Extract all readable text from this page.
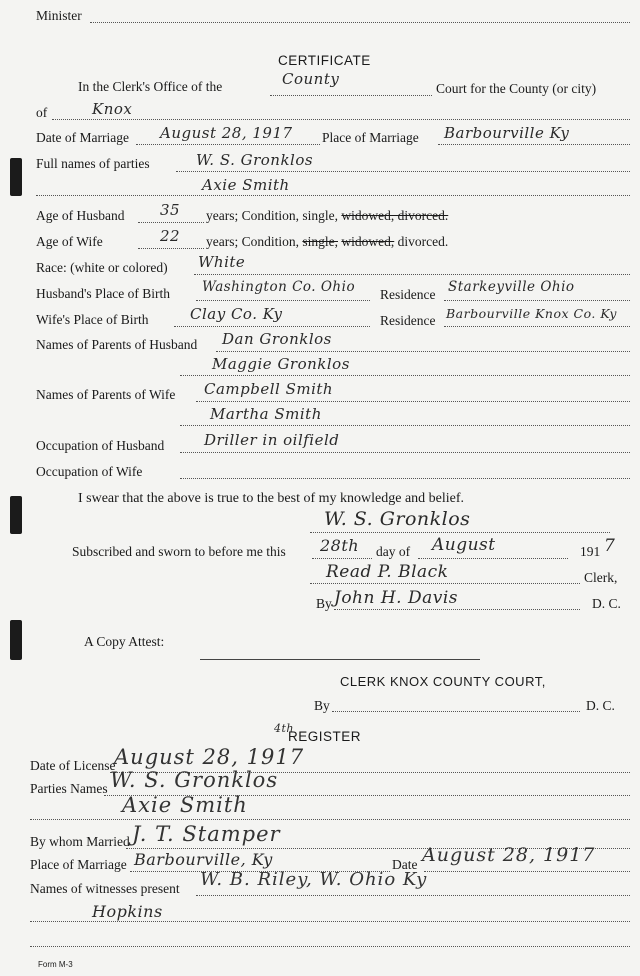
Minister
CERTIFICATE
In the Clerk's Office of the	County
Court for the County (or city)
of	Knox
Date of Marriage August 28, 1917 Place of Marriage Barbourville Ky
Full names of parties	W. S. Gronklos
Axie Smith
Age of Husband 35 years; Condition, single, widowed, divorced.
Age of Wife	22 years; Condition, single, widowed, divorced.
Race: (white or colored) White
Husband's Place of Birth Washington Co. Ohio Residence Starkeyville Ohio
Wife's Place of Birth	Clay Co. Ky	Residence Barbourville Knox Co. Ky
Names of Parents of Husband Dan Gronklos
Maggie Gronklos
Names of Parents of Wife Campbell Smith
Martha Smith
Occupation of Husband	Driller in oilfield
Occupation of Wife
I swear that the above is true to the best of my knowledge and belief.
W. S. Gronklos
Subscribed and sworn to before me this 28th day of August	191 7
Read P. Black	Clerk,
By John H. Davis	D. C.
A Copy Attest:
CLERK KNOX COUNTY COURT,
By	D. C.
4th
REGISTER
Date of License
August 28, 1917
Parties Names W. S. Gronklos
Axie Smith
By whom Married J. T. Stamper
Place of Marriage Barbourville, Ky	Date August 28, 1917
Names of witnesses present W. B. Riley, W. Ohio Ky
Hopkins
Form M-3
